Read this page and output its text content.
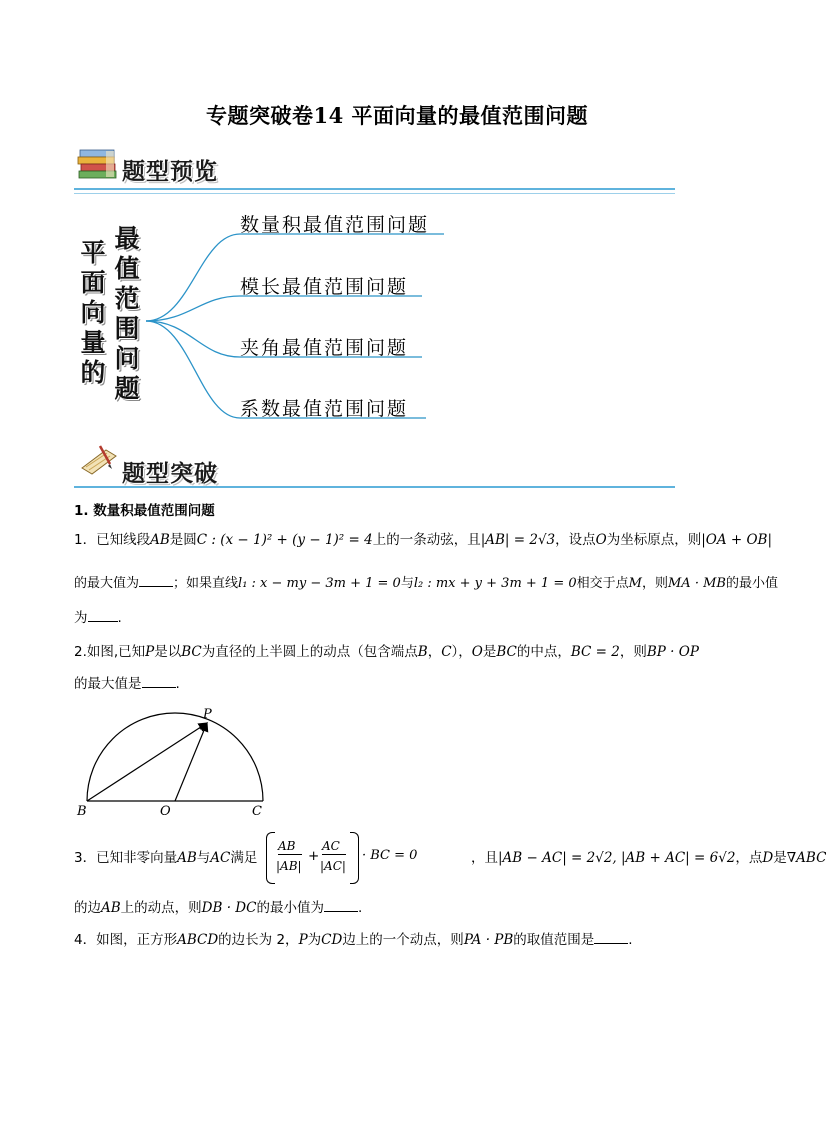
专题突破卷14 平面向量的最值范围问题
题型预览
平
面
向
量
的
最
值
范
围
问
题
数量积最值范围问题
模长最值范围问题
夹角最值范围问题
系数最值范围问题
题型突破
1. 数量积最值范围问题
1．已知线段AB是圆C : (x − 1)² + (y − 1)² = 4上的一条动弦，且|AB| = 2√3，设点O为坐标原点，则|OA + OB|
的最大值为	；如果直线l₁ : x − my − 3m + 1 = 0与l₂ : mx + y + 3m + 1 = 0相交于点M，则MA · MB的最小值
为 .
2.如图,已知P是以BC为直径的上半圆上的动点（包含端点B，C），O是BC的中点，BC = 2，则BP · OP
的最大值是	.
P
B	O	C
3．已知非零向量AB与AC满足
AB
|AB|
+
AC
|AC|
· BC = 0	，且|AB − AC| = 2√2, |AB + AC| = 6√2，点D是∇ABC
的边AB上的动点，则DB · DC的最小值为	.
4．如图，正方形ABCD的边长为 2，P为CD边上的一个动点，则PA · PB的取值范围是	.
